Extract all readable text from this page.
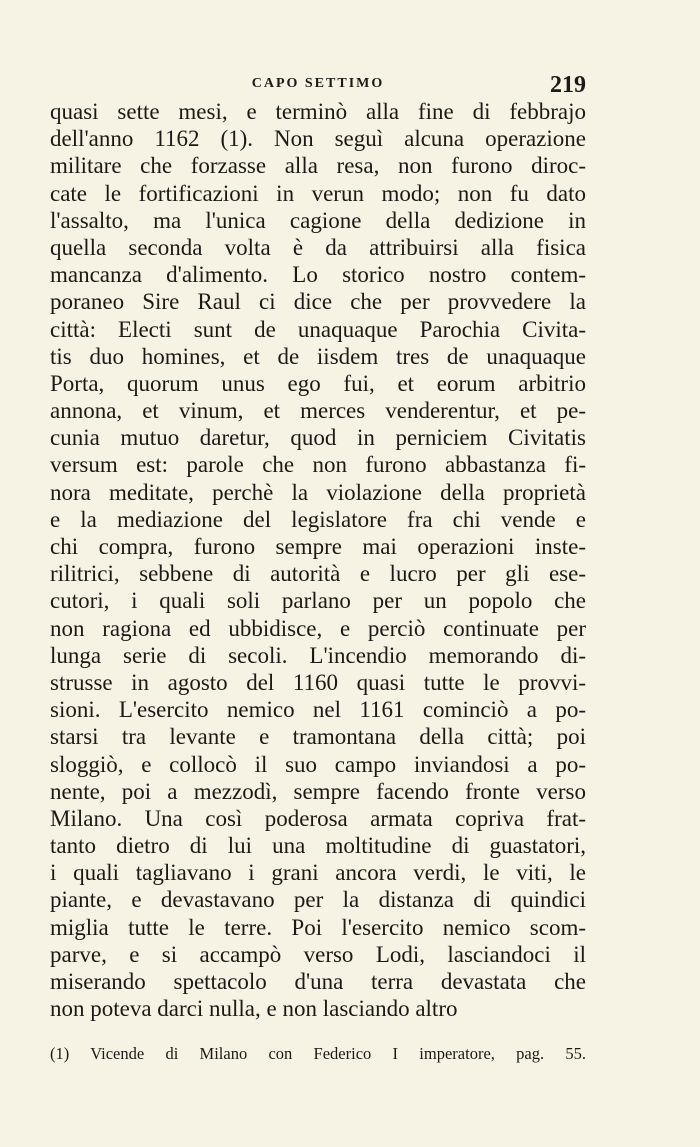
CAPO SETTIMO	219
quasi sette mesi, e terminò alla fine di febbrajo
dell'anno 1162 (1). Non seguì alcuna operazione
militare che forzasse alla resa, non furono diroc-
cate le fortificazioni in verun modo; non fu dato
l'assalto, ma l'unica cagione della dedizione in
quella seconda volta è da attribuirsi alla fisica
mancanza d'alimento. Lo storico nostro contem-
poraneo Sire Raul ci dice che per provvedere la
città: Electi sunt de unaquaque Parochia Civita-
tis duo homines, et de iisdem tres de unaquaque
Porta, quorum unus ego fui, et eorum arbitrio
annona, et vinum, et merces venderentur, et pe-
cunia mutuo daretur, quod in perniciem Civitatis
versum est: parole che non furono abbastanza fi-
nora meditate, perchè la violazione della proprietà
e la mediazione del legislatore fra chi vende e
chi compra, furono sempre mai operazioni inste-
rilitrici, sebbene di autorità e lucro per gli ese-
cutori, i quali soli parlano per un popolo che
non ragiona ed ubbidisce, e perciò continuate per
lunga serie di secoli. L'incendio memorando di-
strusse in agosto del 1160 quasi tutte le provvi-
sioni. L'esercito nemico nel 1161 cominciò a po-
starsi tra levante e tramontana della città; poi
sloggiò, e collocò il suo campo inviandosi a po-
nente, poi a mezzodì, sempre facendo fronte verso
Milano. Una così poderosa armata copriva frat-
tanto dietro di lui una moltitudine di guastatori,
i quali tagliavano i grani ancora verdi, le viti, le
piante, e devastavano per la distanza di quindici
miglia tutte le terre. Poi l'esercito nemico scom-
parve, e si accampò verso Lodi, lasciandoci il
miserando spettacolo d'una terra devastata che
non poteva darci nulla, e non lasciando altro
(1) Vicende di Milano con Federico I imperatore, pag. 55.
